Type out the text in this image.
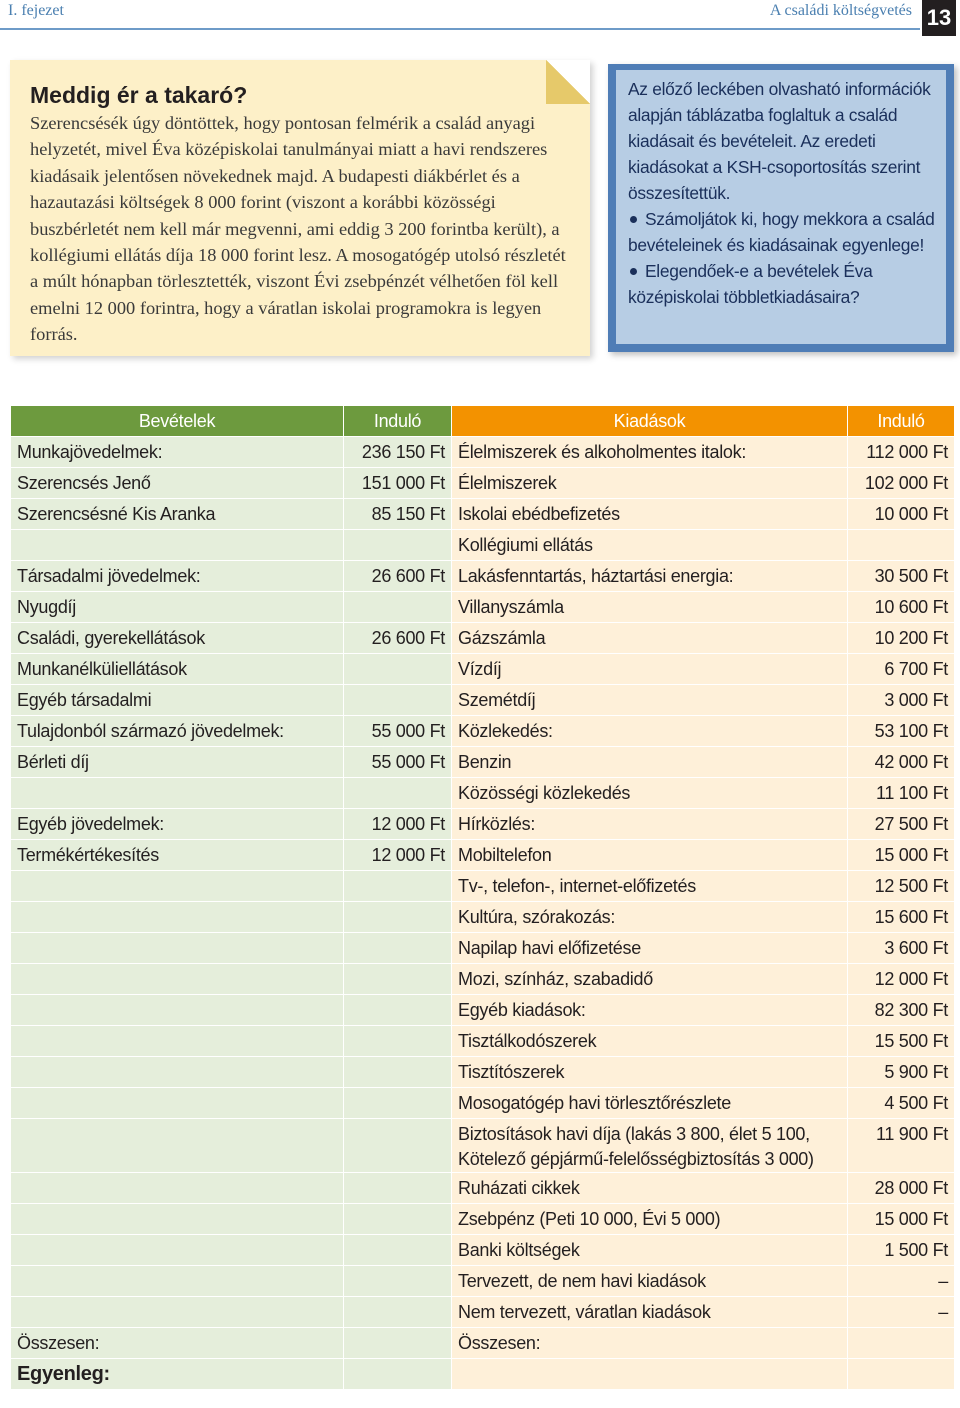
I. fejezet	A családi költségvetés 13
Meddig ér a takaró?
Szerencsésék úgy döntöttek, hogy pontosan felmérik a család anyagi helyzetét, mivel Éva középiskolai tanulmányai miatt a havi rendszeres kiadásaik jelentősen növekednek majd. A budapesti diákbérlet és a hazautazási költségek 8 000 forint (viszont a korábbi közösségi buszbérletét nem kell már megvenni, ami eddig 3 200 forintba került), a kollégiumi ellátás díja 18 000 forint lesz. A mosogatógép utolsó részletét a múlt hónapban törlesztették, viszont Évi zsebpénzét vélhetően föl kell emelni 12 000 forintra, hogy a váratlan iskolai programokra is legyen forrás.

Az előző leckében olvasható információk alapján táblázatba foglaltuk a család kiadásait és bevételeit. Az eredeti kiadásokat a KSH-csoportosítás szerint összesítettük.

Számoljátok ki, hogy mekkora a család bevételeinek és kiadásainak egyenlege!
Elegendőek-e a bevételek Éva középiskolai többletkiadásaira?
Bevételek	Induló	Kiadások	Induló
Munkajövedelmek:	236 150 Ft	Élelmiszerek és alkoholmentes italok:	112 000 Ft
Szerencsés Jenő	151 000 Ft	Élelmiszerek	102 000 Ft
Szerencsésné Kis Aranka	85 150 Ft	Iskolai ebédbefizetés	10 000 Ft
		Kollégiumi ellátás	
Társadalmi jövedelmek:	26 600 Ft	Lakásfenntartás, háztartási energia:	30 500 Ft
Nyugdíj		Villanyszámla	10 600 Ft
Családi, gyerekellátások	26 600 Ft	Gázszámla	10 200 Ft
Munkanélküliellátások		Vízdíj	6 700 Ft
Egyéb társadalmi		Szemétdíj	3 000 Ft
Tulajdonból származó jövedelmek:	55 000 Ft	Közlekedés:	53 100 Ft
Bérleti díj	55 000 Ft	Benzin	42 000 Ft
		Közösségi közlekedés	11 100 Ft
Egyéb jövedelmek:	12 000 Ft	Hírközlés:	27 500 Ft
Termékértékesítés	12 000 Ft	Mobiltelefon	15 000 Ft
		Tv-, telefon-, internet-előfizetés	12 500 Ft
		Kultúra, szórakozás:	15 600 Ft
		Napilap havi előfizetése	3 600 Ft
		Mozi, színház, szabadidő	12 000 Ft
		Egyéb kiadások:	82 300 Ft
		Tisztálkodószerek	15 500 Ft
		Tisztítószerek	5 900 Ft
		Mosogatógép havi törlesztőrészlete	4 500 Ft
		Biztosítások havi díja (lakás 3 800, élet 5 100, Kötelező gépjármű-felelősségbiztosítás 3 000)	11 900 Ft
		Ruházati cikkek	28 000 Ft
		Zsebpénz (Peti 10 000, Évi 5 000)	15 000 Ft
		Banki költségek	1 500 Ft
		Tervezett, de nem havi kiadások	–
		Nem tervezett, váratlan kiadások	–
Összesen:		Összesen:	
Egyenleg:			
